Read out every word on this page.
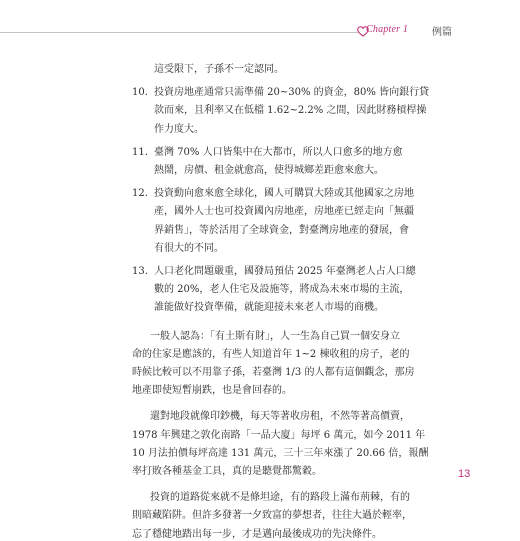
Chapter 1 例篇
這受限下，子孫不一定認同。
10. 投資房地產通常只需準備 20~30% 的資金，80% 皆向銀行貸
款而來，且利率又在低檔 1.62~2.2% 之間，因此財務槓桿操
作力度大。
11. 臺灣 70% 人口皆集中在大都市，所以人口愈多的地方愈
熱鬧，房價、租金就愈高，使得城鄉差距愈來愈大。
12. 投資動向愈來愈全球化，國人可購買大陸或其他國家之房地
產，國外人士也可投資國內房地產，房地產已經走向「無疆
界銷售」，等於活用了全球資金，對臺灣房地產的發展，會
有很大的不同。
13. 人口老化問題嚴重，國發局預估 2025 年臺灣老人占人口總
數的 20%，老人住宅及設施等，將成為未來市場的主流，
誰能做好投資準備，就能迎接未來老人市場的商機。
一般人認為：「有土斯有財」，人一生為自己買一個安身立
命的住家是應該的，有些人知道首年 1~2 棟收租的房子，老的
時候比較可以不用靠子孫，若臺灣 1/3 的人都有這個觀念，那房
地產即使短暫崩跌，也是會回春的。
還對地段就像印鈔機，每天等著收房租，不然等著高價賣，
1978 年興建之敦化南路「一品大廈」每坪 6 萬元，如今 2011 年
10 月法拍價每坪高達 131 萬元，三十三年來漲了 20.66 倍，報酬
率打敗各種基金工具，真的是聽覺都驚穀。
投資的道路從來就不是條坦途，有的路段上滿布荊棘，有的
則暗藏陷阱。但許多發著一夕致富的夢想者，往往大過於輕率，
忘了穩健地踏出每一步，才是邁向最後成功的先決條件。
13
